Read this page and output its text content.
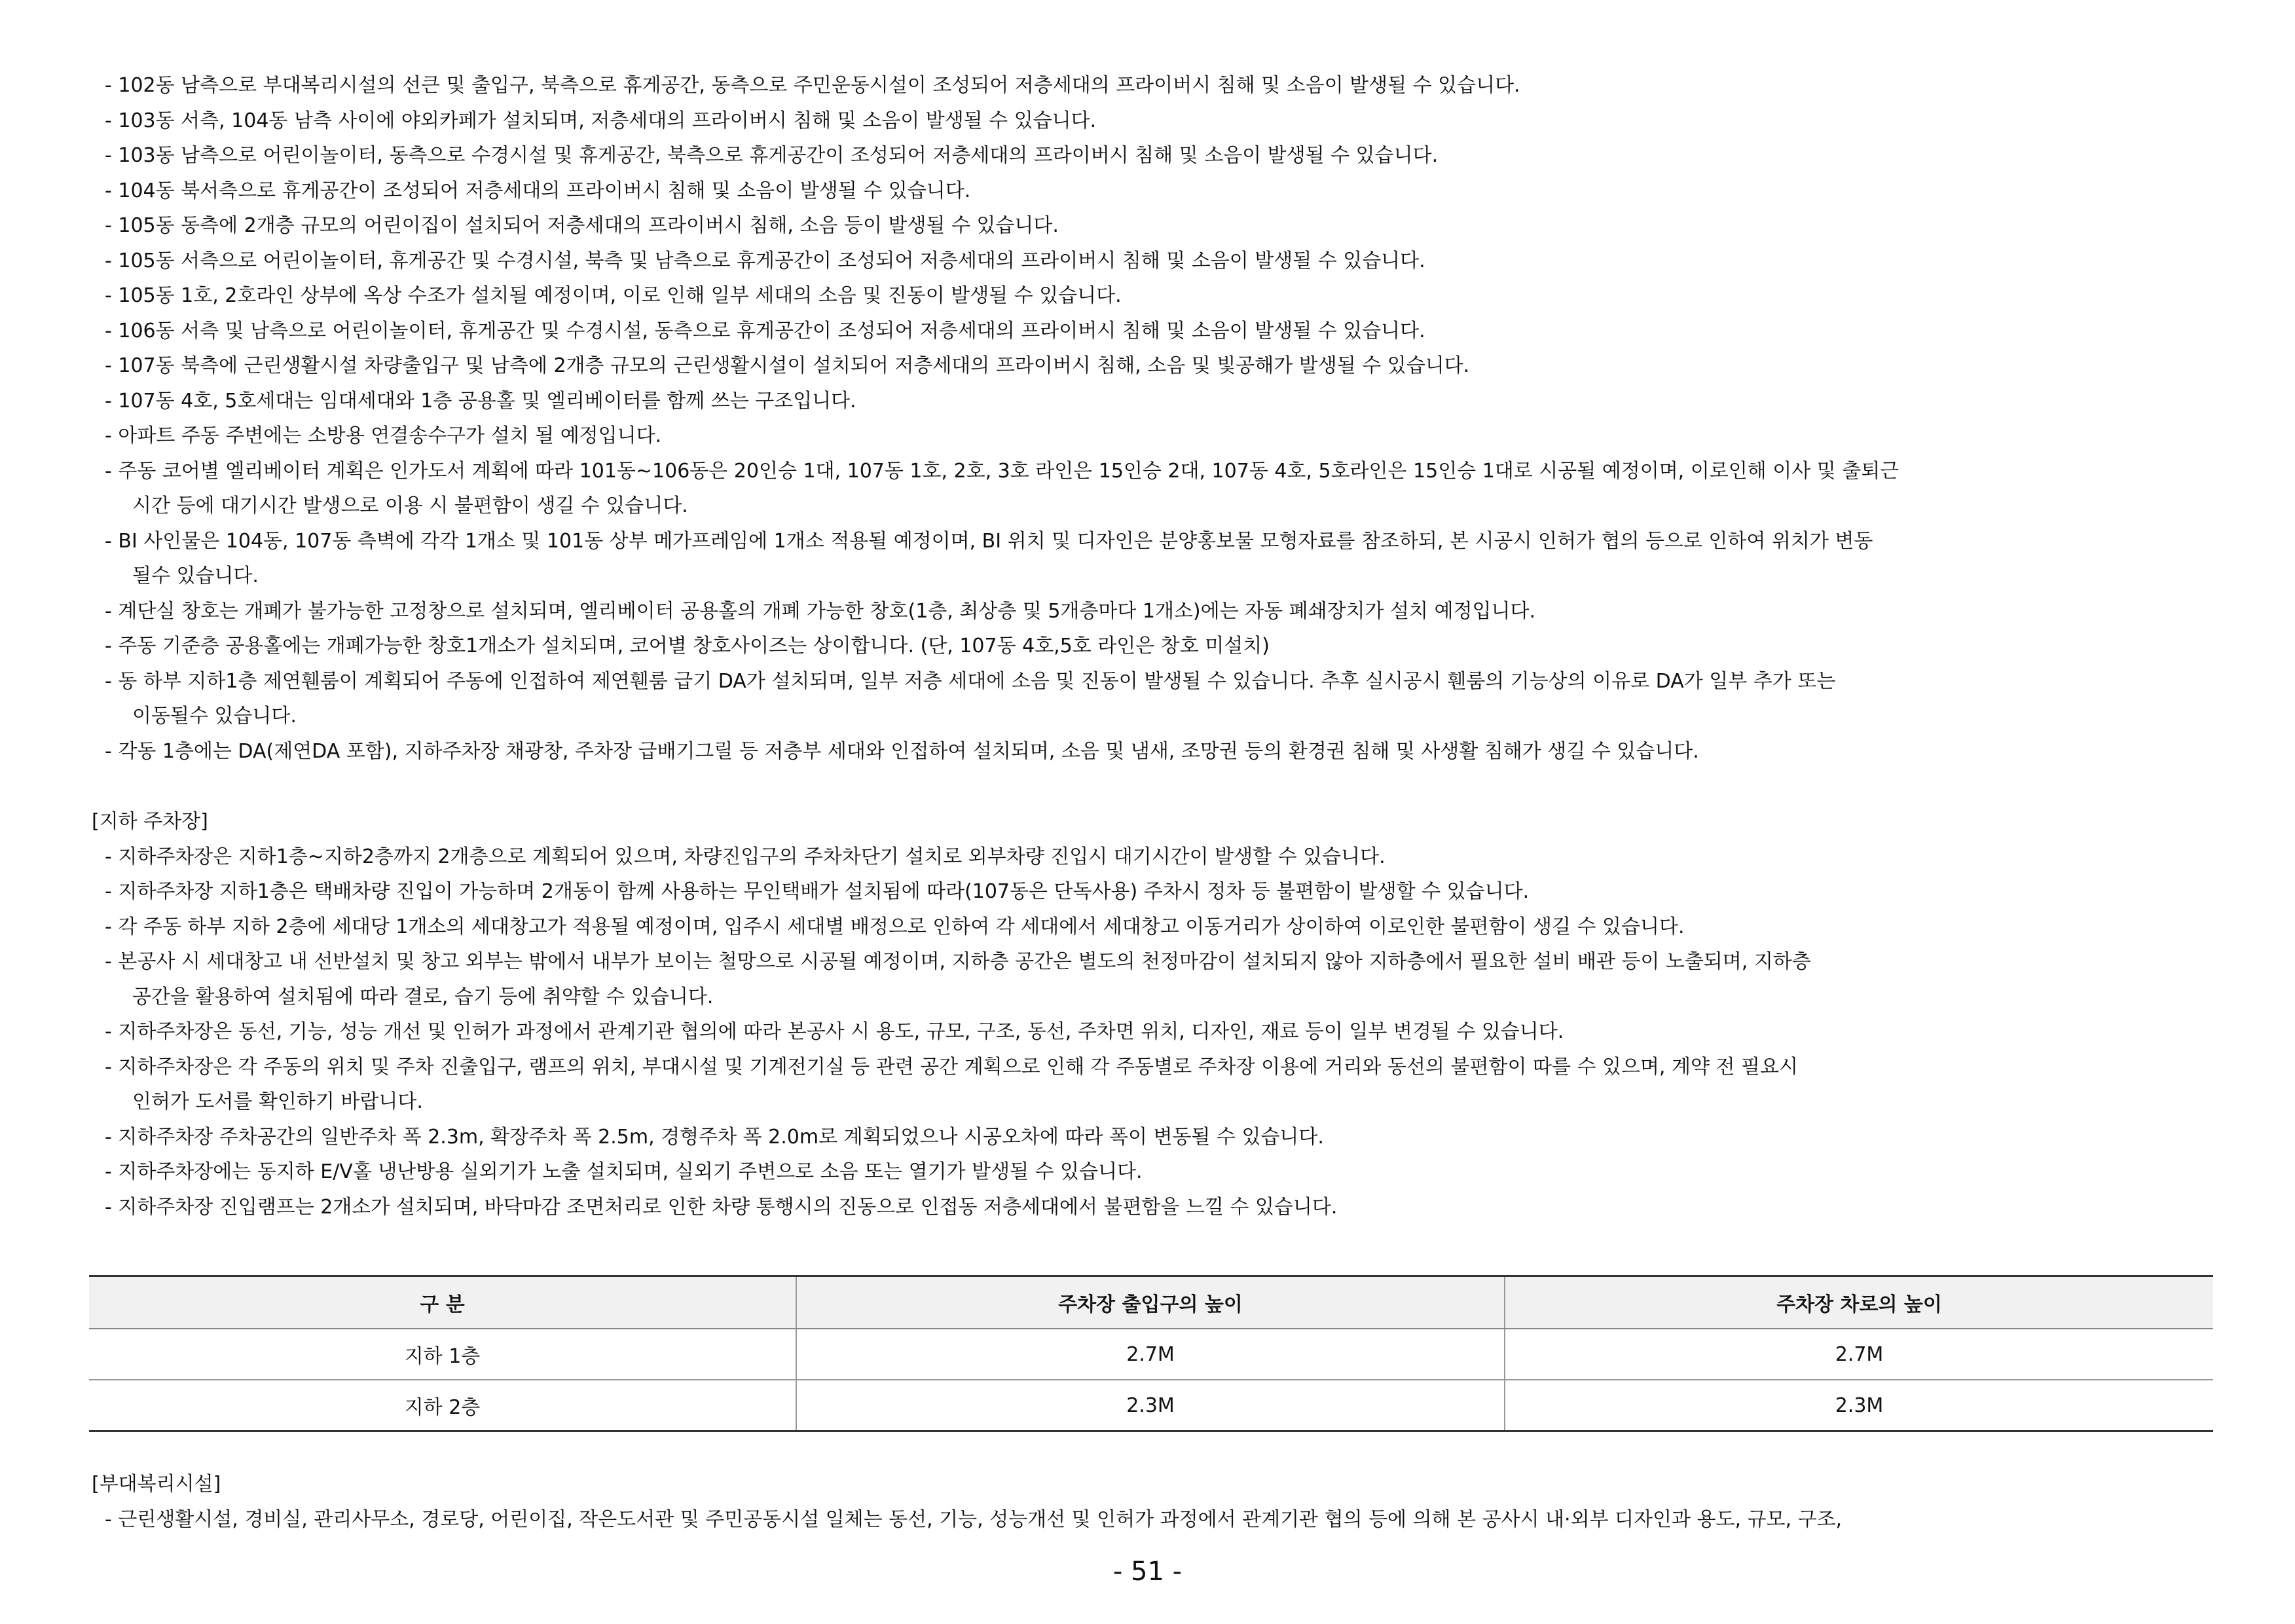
- 102동 남측으로 부대복리시설의 선큰 및 출입구, 북측으로 휴게공간, 동측으로 주민운동시설이 조성되어 저층세대의 프라이버시 침해 및 소음이 발생될 수 있습니다.
- 103동 서측, 104동 남측 사이에 야외카페가 설치되며, 저층세대의 프라이버시 침해 및 소음이 발생될 수 있습니다.
- 103동 남측으로 어린이놀이터, 동측으로 수경시설 및 휴게공간, 북측으로 휴게공간이 조성되어 저층세대의 프라이버시 침해 및 소음이 발생될 수 있습니다.
- 104동 북서측으로 휴게공간이 조성되어 저층세대의 프라이버시 침해 및 소음이 발생될 수 있습니다.
- 105동 동측에 2개층 규모의 어린이집이 설치되어 저층세대의 프라이버시 침해, 소음 등이 발생될 수 있습니다.
- 105동 서측으로 어린이놀이터, 휴게공간 및 수경시설, 북측 및 남측으로 휴게공간이 조성되어 저층세대의 프라이버시 침해 및 소음이 발생될 수 있습니다.
- 105동 1호, 2호라인 상부에 옥상 수조가 설치될 예정이며, 이로 인해 일부 세대의 소음 및 진동이 발생될 수 있습니다.
- 106동 서측 및 남측으로 어린이놀이터, 휴게공간 및 수경시설, 동측으로 휴게공간이 조성되어 저층세대의 프라이버시 침해 및 소음이 발생될 수 있습니다.
- 107동 북측에 근린생활시설 차량출입구 및 남측에 2개층 규모의 근린생활시설이 설치되어 저층세대의 프라이버시 침해, 소음 및 빛공해가 발생될 수 있습니다.
- 107동 4호, 5호세대는 임대세대와 1층 공용홀 및 엘리베이터를 함께 쓰는 구조입니다.
- 아파트 주동 주변에는 소방용 연결송수구가 설치 될 예정입니다.
- 주동 코어별 엘리베이터 계획은 인가도서 계획에 따라 101동~106동은 20인승 1대, 107동 1호, 2호, 3호 라인은 15인승 2대, 107동 4호, 5호라인은 15인승 1대로 시공될 예정이며, 이로인해 이사 및 출퇴근
시간 등에 대기시간 발생으로 이용 시 불편함이 생길 수 있습니다.
- BI 사인물은 104동, 107동 측벽에 각각 1개소 및 101동 상부 메가프레임에 1개소 적용될 예정이며, BI 위치 및 디자인은 분양홍보물 모형자료를 참조하되, 본 시공시 인허가 협의 등으로 인하여 위치가 변동
될수 있습니다.
- 계단실 창호는 개폐가 불가능한 고정창으로 설치되며, 엘리베이터 공용홀의 개폐 가능한 창호(1층, 최상층 및 5개층마다 1개소)에는 자동 폐쇄장치가 설치 예정입니다.
- 주동 기준층 공용홀에는 개폐가능한 창호1개소가 설치되며, 코어별 창호사이즈는 상이합니다. (단, 107동 4호,5호 라인은 창호 미설치)
- 동 하부 지하1층 제연휀룸이 계획되어 주동에 인접하여 제연휀룸 급기 DA가 설치되며, 일부 저층 세대에 소음 및 진동이 발생될 수 있습니다. 추후 실시공시 휀룸의 기능상의 이유로 DA가 일부 추가 또는
이동될수 있습니다.
- 각동 1층에는 DA(제연DA 포함), 지하주차장 채광창, 주차장 급배기그릴 등 저층부 세대와 인접하여 설치되며, 소음 및 냄새, 조망권 등의 환경권 침해 및 사생활 침해가 생길 수 있습니다.
[지하 주차장]
- 지하주차장은 지하1층~지하2층까지 2개층으로 계획되어 있으며, 차량진입구의 주차차단기 설치로 외부차량 진입시 대기시간이 발생할 수 있습니다.
- 지하주차장 지하1층은 택배차량 진입이 가능하며 2개동이 함께 사용하는 무인택배가 설치됨에 따라(107동은 단독사용) 주차시 정차 등 불편함이 발생할 수 있습니다.
- 각 주동 하부 지하 2층에 세대당 1개소의 세대창고가 적용될 예정이며, 입주시 세대별 배정으로 인하여 각 세대에서 세대창고 이동거리가 상이하여 이로인한 불편함이 생길 수 있습니다.
- 본공사 시 세대창고 내 선반설치 및 창고 외부는 밖에서 내부가 보이는 철망으로 시공될 예정이며, 지하층 공간은 별도의 천정마감이 설치되지 않아 지하층에서 필요한 설비 배관 등이 노출되며, 지하층
공간을 활용하여 설치됨에 따라 결로, 습기 등에 취약할 수 있습니다.
- 지하주차장은 동선, 기능, 성능 개선 및 인허가 과정에서 관계기관 협의에 따라 본공사 시 용도, 규모, 구조, 동선, 주차면 위치, 디자인, 재료 등이 일부 변경될 수 있습니다.
- 지하주차장은 각 주동의 위치 및 주차 진출입구, 램프의 위치, 부대시설 및 기계전기실 등 관련 공간 계획으로 인해 각 주동별로 주차장 이용에 거리와 동선의 불편함이 따를 수 있으며, 계약 전 필요시
인허가 도서를 확인하기 바랍니다.
- 지하주차장 주차공간의 일반주차 폭 2.3m, 확장주차 폭 2.5m, 경형주차 폭 2.0m로 계획되었으나 시공오차에 따라 폭이 변동될 수 있습니다.
- 지하주차장에는 동지하 E/V홀 냉난방용 실외기가 노출 설치되며, 실외기 주변으로 소음 또는 열기가 발생될 수 있습니다.
- 지하주차장 진입램프는 2개소가 설치되며, 바닥마감 조면처리로 인한 차량 통행시의 진동으로 인접동 저층세대에서 불편함을 느낄 수 있습니다.
구 분	주차장 출입구의 높이	주차장 차로의 높이
지하 1층	2.7M	2.7M
지하 2층	2.3M	2.3M
[부대복리시설]
- 근린생활시설, 경비실, 관리사무소, 경로당, 어린이집, 작은도서관 및 주민공동시설 일체는 동선, 기능, 성능개선 및 인허가 과정에서 관계기관 협의 등에 의해 본 공사시 내·외부 디자인과 용도, 규모, 구조,
- 51 -
